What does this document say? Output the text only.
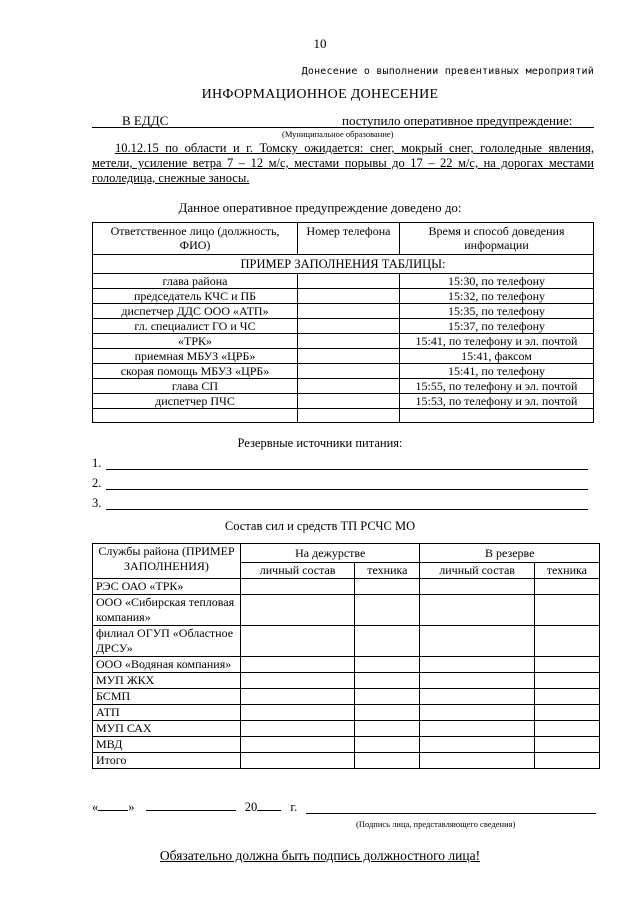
10
Донесение о выполнении превентивных мероприятий
ИНФОРМАЦИОННОЕ ДОНЕСЕНИЕ
В ЕДДС	поступило оперативное предупреждение:
(Муниципальное образование)
10.12.15 по области и г. Томску ожидается: снег, мокрый снег, гололедные явления, метели, усиление ветра 7 – 12 м/с, местами порывы до 17 – 22 м/с, на дорогах местами гололедица, снежные заносы.
Данное оперативное предупреждение доведено до:
Ответственное лицо (должность, ФИО)	Номер телефона	Время и способ доведения информации
ПРИМЕР ЗАПОЛНЕНИЯ ТАБЛИЦЫ:		
глава района		15:30, по телефону
председатель КЧС и ПБ		15:32, по телефону
диспетчер ДДС ООО «АТП»		15:35, по телефону
гл. специалист ГО и ЧС		15:37, по телефону
«ТРК»		15:41, по телефону и эл. почтой
приемная МБУЗ «ЦРБ»		15:41, факсом
скорая помощь МБУЗ «ЦРБ»		15:41, по телефону
глава СП		15:55, по телефону и эл. почтой
диспетчер ПЧС		15:53, по телефону и эл. почтой

Резервные источники питания:
1.
2.
3.
Состав сил и средств ТП РСЧС МО
Службы района (ПРИМЕР ЗАПОЛНЕНИЯ)	На дежурстве		В резерве	
	личный состав	техника	личный состав	техника
РЭС ОАО «ТРК»				
ООО «Сибирская тепловая компания»				
филиал ОГУП «Областное ДРСУ»				
ООО «Водяная компания»				
МУП ЖКХ				
БСМП				
АТП				
МУП САХ				
МВД				
Итого				
« »	20	г.
(Подпись лица, представляющего сведения)
Обязательно должна быть подпись должностного лица!
